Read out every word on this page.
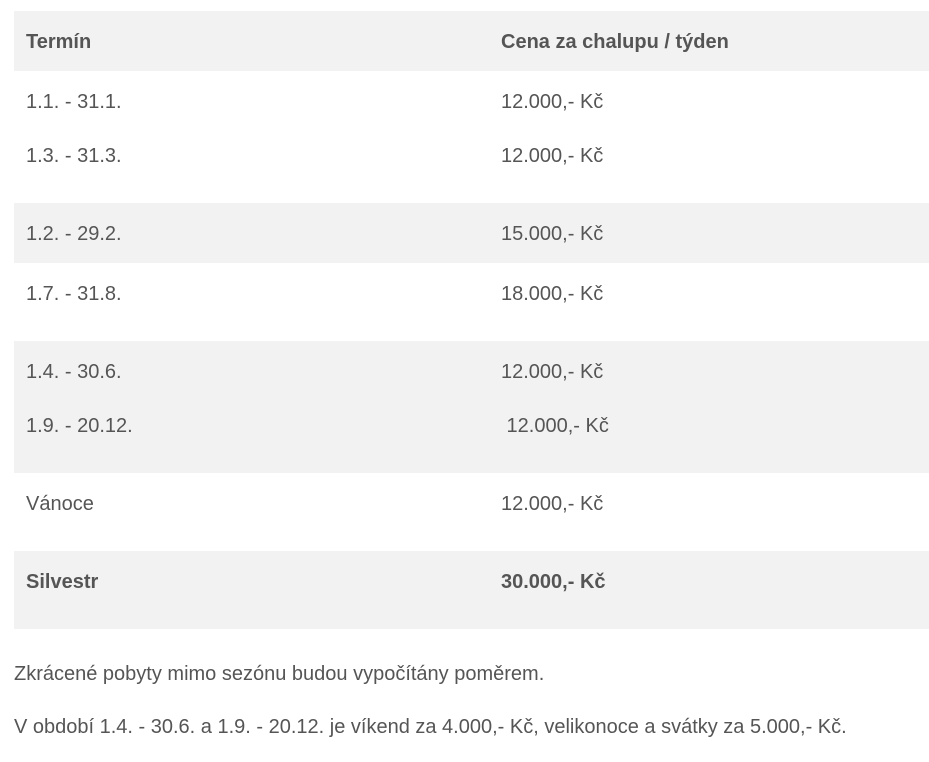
Termín	Cena za chalupu / týden
1.1. - 31.1.	12.000,- Kč
1.3. - 31.3.	12.000,- Kč
1.2. - 29.2.	15.000,- Kč
1.7. - 31.8.	18.000,- Kč
1.4. - 30.6.	12.000,- Kč
1.9. - 20.12.	12.000,- Kč
Vánoce	12.000,- Kč
Silvestr	30.000,- Kč

Zkrácené pobyty mimo sezónu budou vypočítány poměrem.

V období 1.4. - 30.6. a 1.9. - 20.12. je víkend za 4.000,- Kč, velikonoce a svátky za 5.000,- Kč.
